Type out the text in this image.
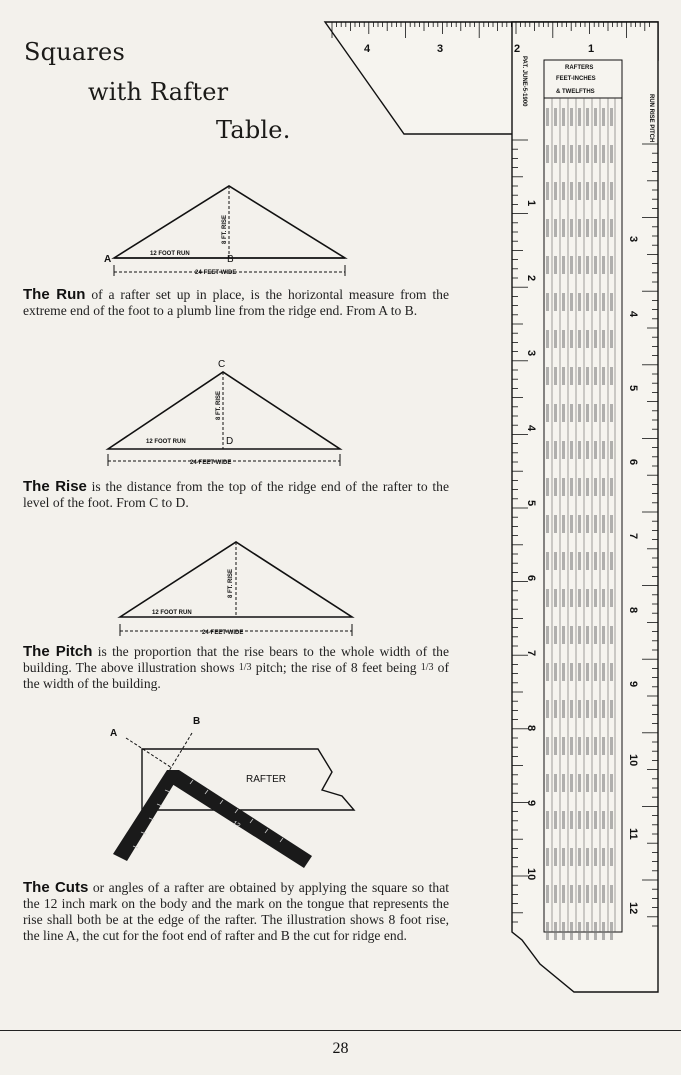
Squares
with Rafter
Table.
A	B
12 FOOT RUN
8 FT. RISE
24-FEET-WIDE
C
D
12 FOOT RUN
8 FT. RISE
24-FEET-WIDE
12 FOOT RUN
8 FT. RISE
24-FEET-WIDE
RAFTER
A
B
12
4	3	2	1
RAFTERS
FEET-INCHES
& TWELFTHS
PAT. JUNE-5-1900
RUN RISE PITCH
1
2
3
4
5
6
7
8
9
10
3
4
5
6
7
8
9
10
11
12
The Run of a rafter set up in place, is the horizontal measure from the extreme end of the foot to a plumb line from the ridge end. From A to B.
The Rise is the distance from the top of the ridge end of the rafter to the level of the foot. From C to D.
The Pitch is the proportion that the rise bears to the whole width of the building. The above illustration shows 1/3 pitch; the rise of 8 feet being 1/3 of the width of the building.
The Cuts or angles of a rafter are obtained by applying the square so that the 12 inch mark on the body and the mark on the tongue that represents the rise shall both be at the edge of the rafter. The illustration shows 8 foot rise, the line A, the cut for the foot end of rafter and B the cut for ridge end.
28
